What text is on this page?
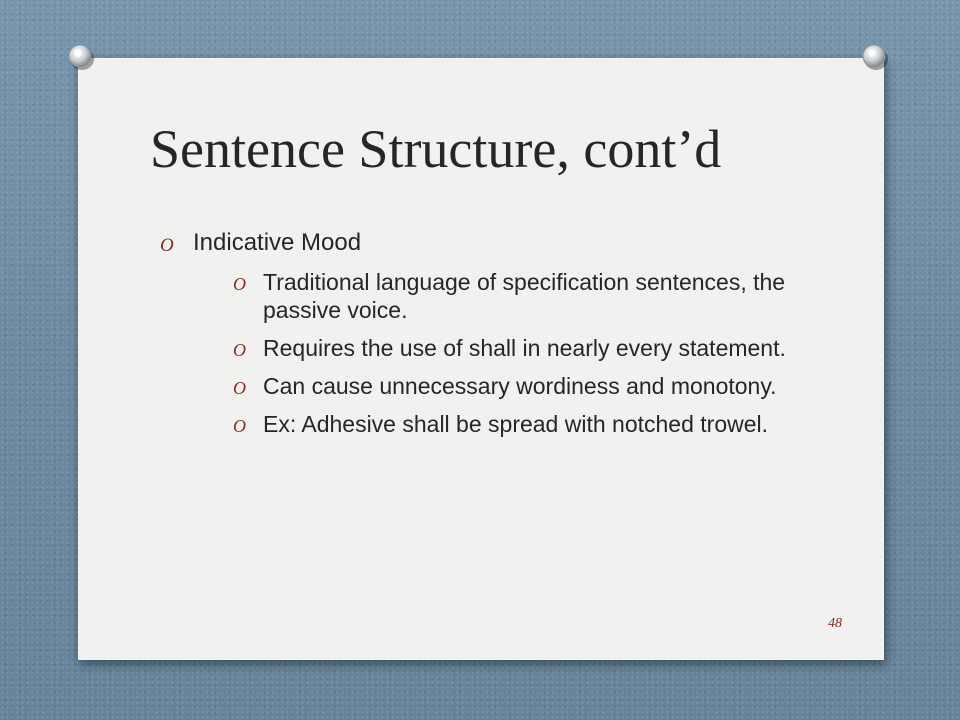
Sentence Structure, cont’d
O Indicative Mood
O Traditional language of specification sentences, the passive voice.
O Requires the use of shall in nearly every statement.
O Can cause unnecessary wordiness and monotony.
O Ex: Adhesive shall be spread with notched trowel.
48
